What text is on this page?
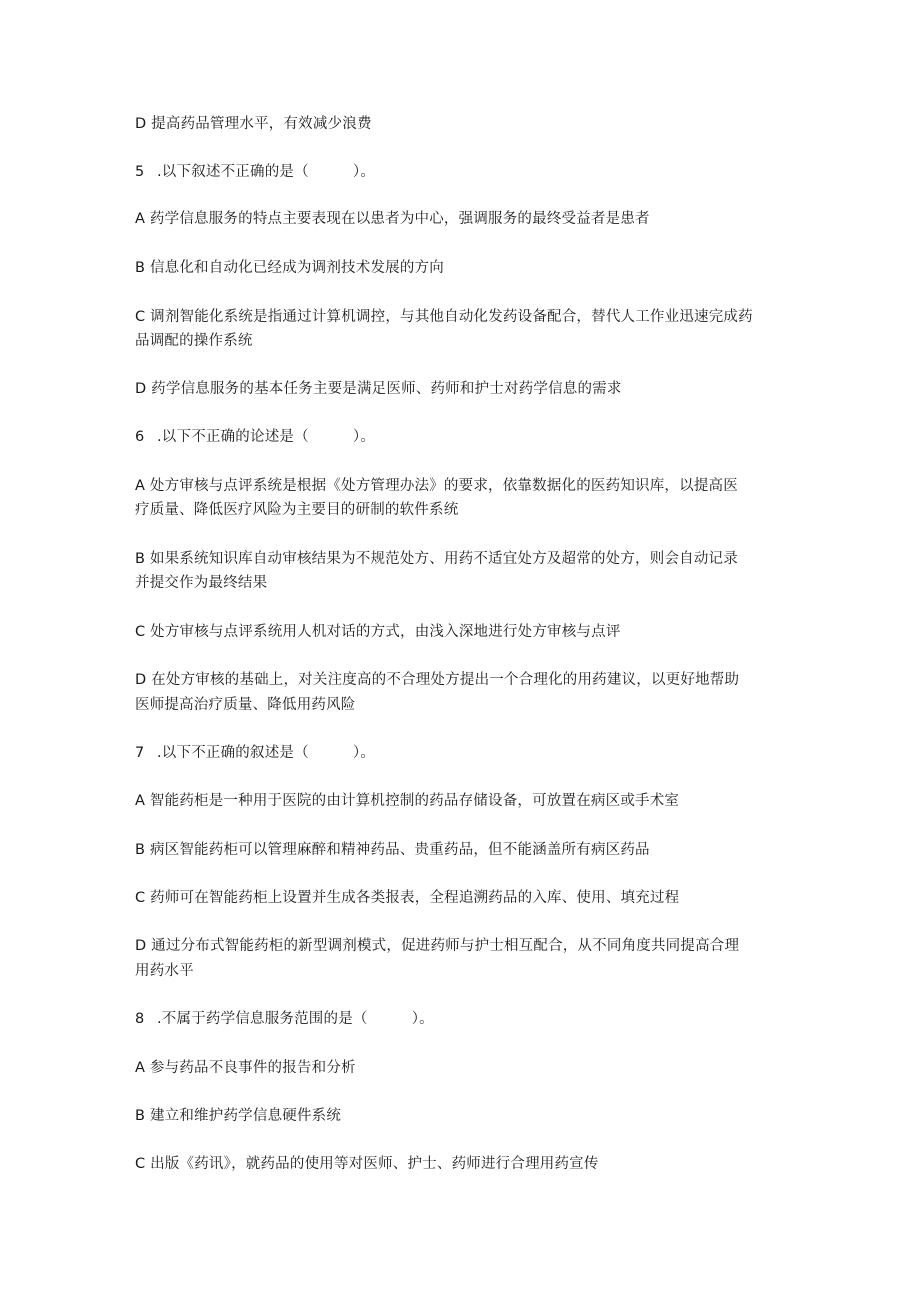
D 提高药品管理水平，有效减少浪费
5 .以下叙述不正确的是（　　　）。
A 药学信息服务的特点主要表现在以患者为中心，强调服务的最终受益者是患者
B 信息化和自动化已经成为调剂技术发展的方向
C 调剂智能化系统是指通过计算机调控，与其他自动化发药设备配合，替代人工作业迅速完成药
品调配的操作系统
D 药学信息服务的基本任务主要是满足医师、药师和护士对药学信息的需求
6 .以下不正确的论述是（　　　）。
A 处方审核与点评系统是根据《处方管理办法》的要求，依靠数据化的医药知识库，以提高医
疗质量、降低医疗风险为主要目的研制的软件系统
B 如果系统知识库自动审核结果为不规范处方、用药不适宜处方及超常的处方，则会自动记录
并提交作为最终结果
C 处方审核与点评系统用人机对话的方式，由浅入深地进行处方审核与点评
D 在处方审核的基础上，对关注度高的不合理处方提出一个合理化的用药建议，以更好地帮助
医师提高治疗质量、降低用药风险
7 .以下不正确的叙述是（　　　）。
A 智能药柜是一种用于医院的由计算机控制的药品存储设备，可放置在病区或手术室
B 病区智能药柜可以管理麻醉和精神药品、贵重药品，但不能涵盖所有病区药品
C 药师可在智能药柜上设置并生成各类报表，全程追溯药品的入库、使用、填充过程
D 通过分布式智能药柜的新型调剂模式，促进药师与护士相互配合，从不同角度共同提高合理
用药水平
8 .不属于药学信息服务范围的是（　　　）。
A 参与药品不良事件的报告和分析
B 建立和维护药学信息硬件系统
C 出版《药讯》，就药品的使用等对医师、护士、药师进行合理用药宣传
